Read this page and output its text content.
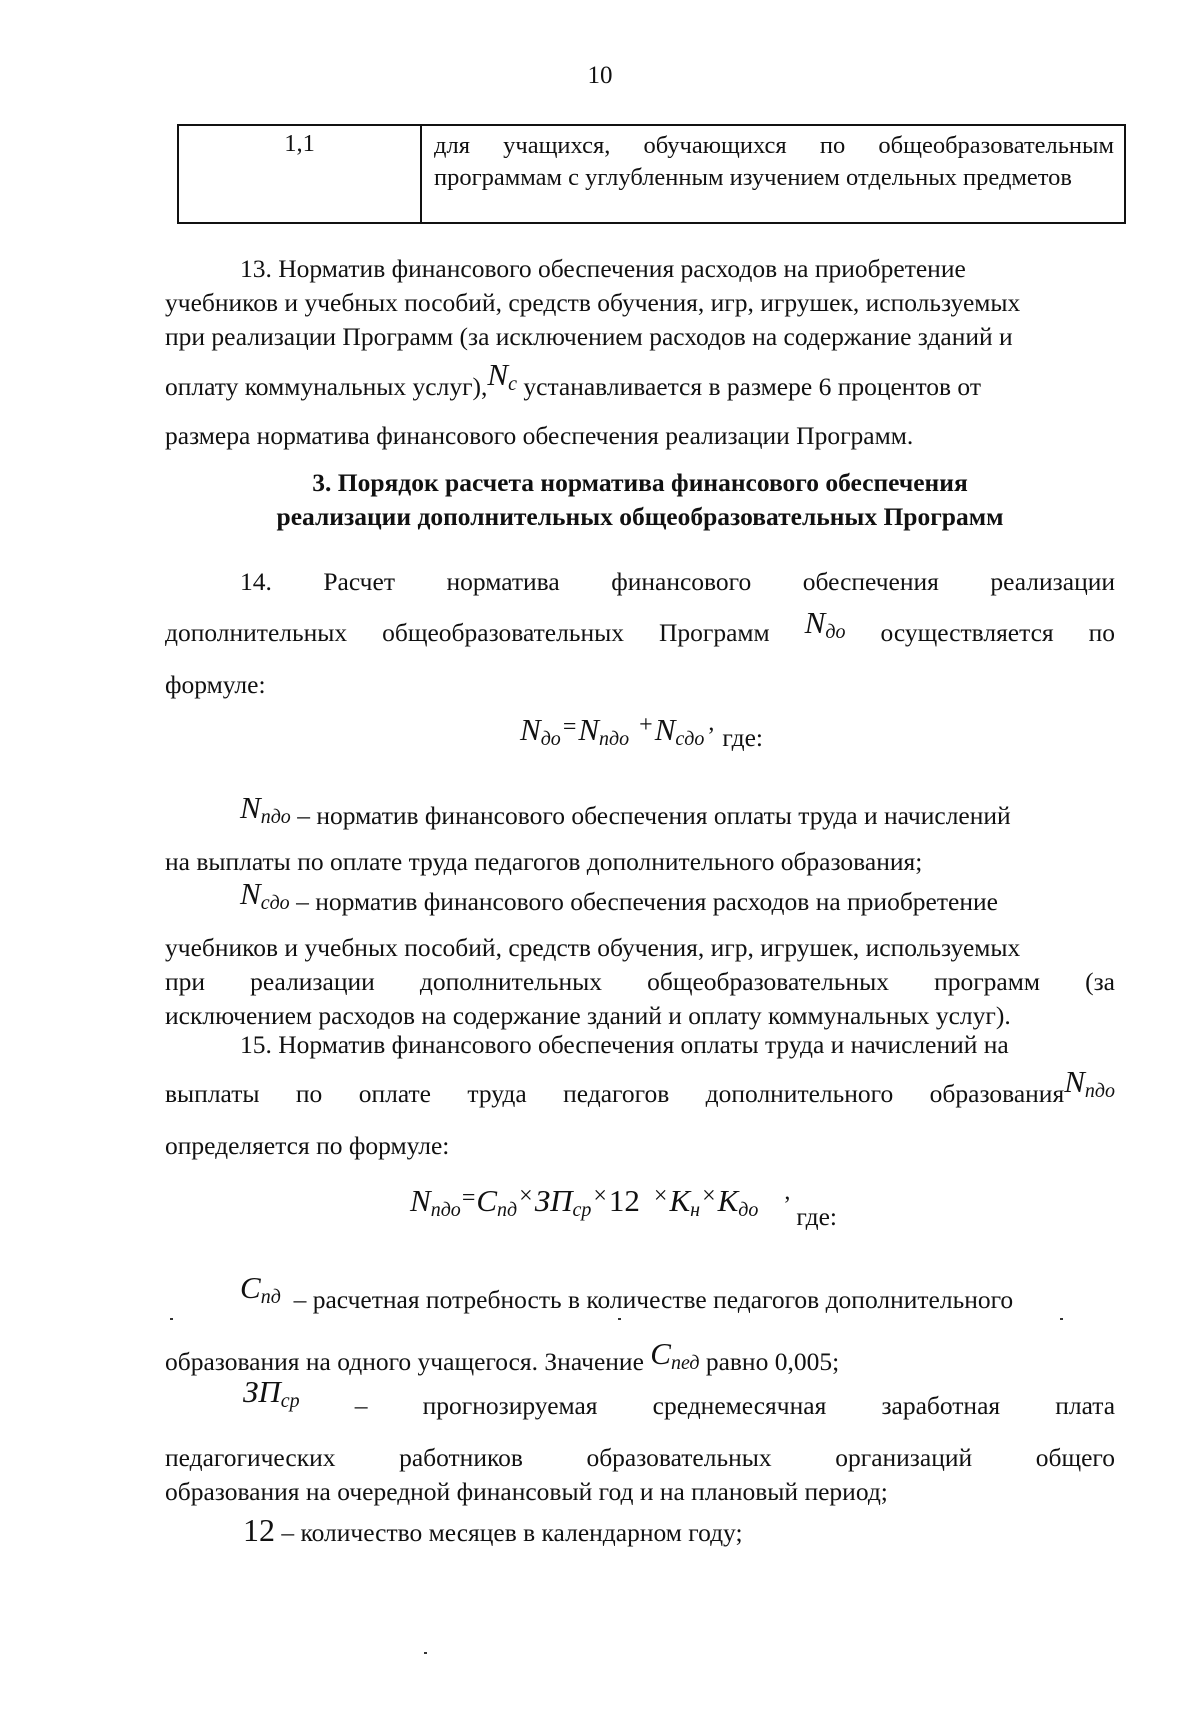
10
1,1	для учащихся, обучающихся по общеобразовательным программам с углубленным изучением отдельных предметов
13. Норматив финансового обеспечения расходов на приобретение
учебников и учебных пособий, средств обучения, игр, игрушек, используемых
при реализации Программ (за исключением расходов на содержание зданий и
оплату коммунальных $услуг),N_c$ устанавливается в размере 6 процентов от
размера норматива финансового обеспечения реализации Программ.
3. Порядок расчета норматива финансового обеспечения
реализации дополнительных общеобразовательных Программ
14. Расчет норматива финансового обеспечения реализации
дополнительных общеобразовательных Программ $N_{до}$ осуществляется по
формуле:
$N_{до}=N_{пдо}^+N_{сдо}^,$ где:
$N_{пдо}$ – норматив финансового обеспечения оплаты труда и начислений
на выплаты по оплате труда педагогов дополнительного образования;
$N_{сдо}$ – норматив финансового обеспечения расходов на приобретение
учебников и учебных пособий, средств обучения, игр, игрушек, используемых
при реализации дополнительных общеобразовательных программ (за
исключением расходов на содержание зданий и оплату коммунальных услуг).
15. Норматив финансового обеспечения оплаты труда и начислений на
выплаты по оплате труда педагогов дополнительного образованияN$_{пдо}$
определяется по формуле:
$N_{пдо}=C_{пд}^\times ЗП_{ср}^\times 12$ $^\times K_н^\times K_{до}^,_{где:}$
$C_{пд}$ – расчетная потребность в количестве педагогов дополнительного
образования на одного учащегося. Значение $C_{пед}$ равно 0,005;
$ЗП_{ср}$ – прогнозируемая среднемесячная заработная плата
педагогических работников образовательных организаций общего
образования на очередной финансовый год и на плановый период;
12 – количество месяцев в календарном году;
